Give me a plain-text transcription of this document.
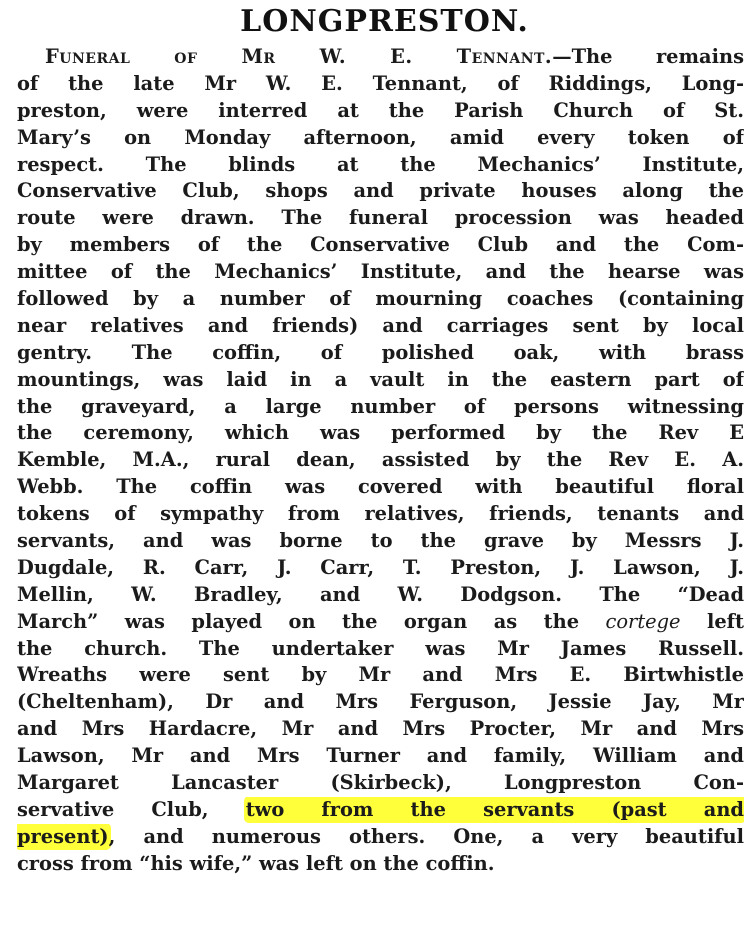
LONGPRESTON.
Funeral of Mr W. E. Tennant.—The remains
of the late Mr W. E. Tennant, of Riddings, Long-
preston, were interred at the Parish Church of St.
Mary’s on Monday afternoon, amid every token of
respect. The blinds at the Mechanics’ Institute,
Conservative Club, shops and private houses along the
route were drawn. The funeral procession was headed
by members of the Conservative Club and the Com-
mittee of the Mechanics’ Institute, and the hearse was
followed by a number of mourning coaches (containing
near relatives and friends) and carriages sent by local
gentry. The coffin, of polished oak, with brass
mountings, was laid in a vault in the eastern part of
the graveyard, a large number of persons witnessing
the ceremony, which was performed by the Rev E
Kemble, M.A., rural dean, assisted by the Rev E. A.
Webb. The coffin was covered with beautiful floral
tokens of sympathy from relatives, friends, tenants and
servants, and was borne to the grave by Messrs J.
Dugdale, R. Carr, J. Carr, T. Preston, J. Lawson, J.
Mellin, W. Bradley, and W. Dodgson. The “Dead
March” was played on the organ as the cortege left
the church. The undertaker was Mr James Russell.
Wreaths were sent by Mr and Mrs E. Birtwhistle
(Cheltenham), Dr and Mrs Ferguson, Jessie Jay, Mr
and Mrs Hardacre, Mr and Mrs Procter, Mr and Mrs
Lawson, Mr and Mrs Turner and family, William and
Margaret Lancaster (Skirbeck), Longpreston Con-
servative Club, two from the servants (past and
present), and numerous others. One, a very beautiful
cross from “his wife,” was left on the coffin.
